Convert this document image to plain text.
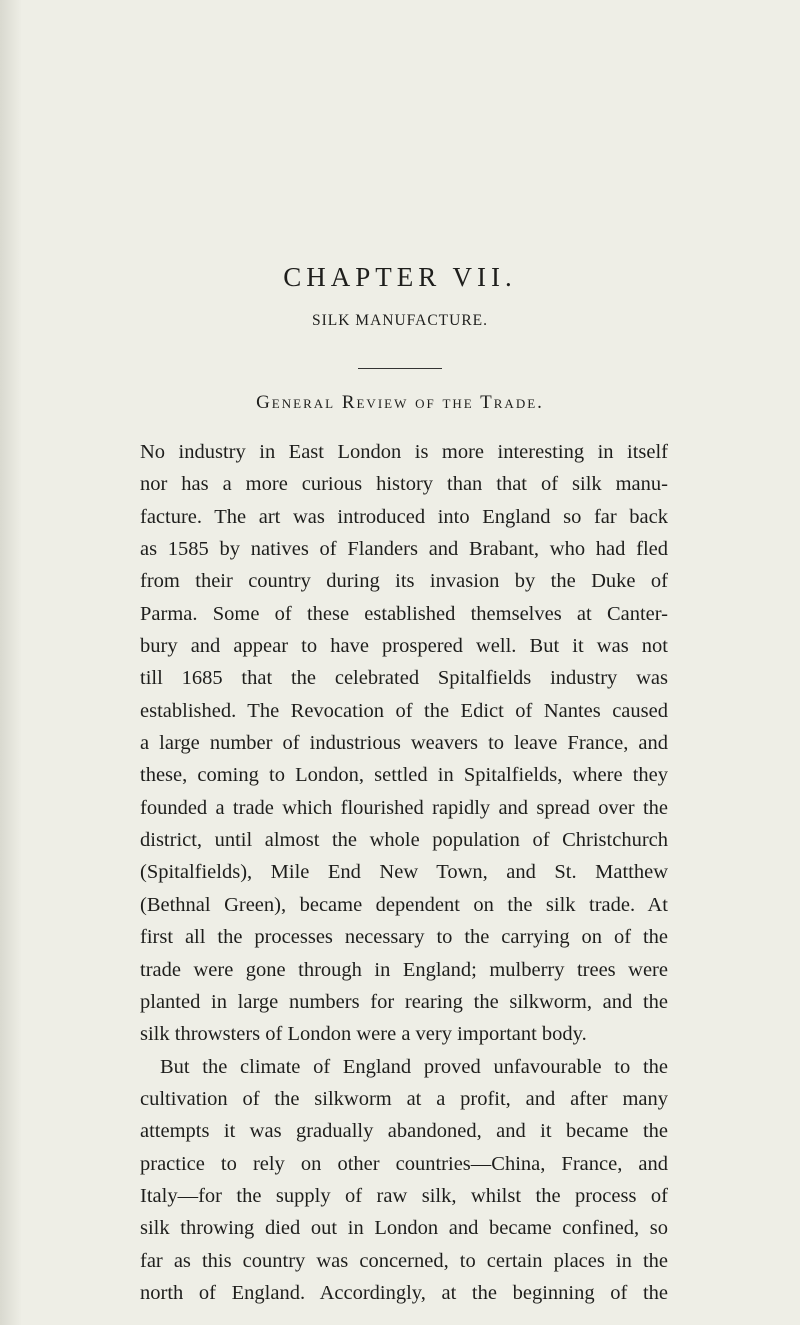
CHAPTER VII.
SILK MANUFACTURE.
General Review of the Trade.
No industry in East London is more interesting in itself
nor has a more curious history than that of silk manu-
facture. The art was introduced into England so far back
as 1585 by natives of Flanders and Brabant, who had fled
from their country during its invasion by the Duke of
Parma. Some of these established themselves at Canter-
bury and appear to have prospered well. But it was not
till 1685 that the celebrated Spitalfields industry was
established. The Revocation of the Edict of Nantes caused
a large number of industrious weavers to leave France, and
these, coming to London, settled in Spitalfields, where they
founded a trade which flourished rapidly and spread over the
district, until almost the whole population of Christchurch
(Spitalfields), Mile End New Town, and St. Matthew
(Bethnal Green), became dependent on the silk trade. At
first all the processes necessary to the carrying on of the
trade were gone through in England; mulberry trees were
planted in large numbers for rearing the silkworm, and the
silk throwsters of London were a very important body.
But the climate of England proved unfavourable to the
cultivation of the silkworm at a profit, and after many
attempts it was gradually abandoned, and it became the
practice to rely on other countries—China, France, and
Italy—for the supply of raw silk, whilst the process of
silk throwing died out in London and became confined, so
far as this country was concerned, to certain places in the
north of England. Accordingly, at the beginning of the
